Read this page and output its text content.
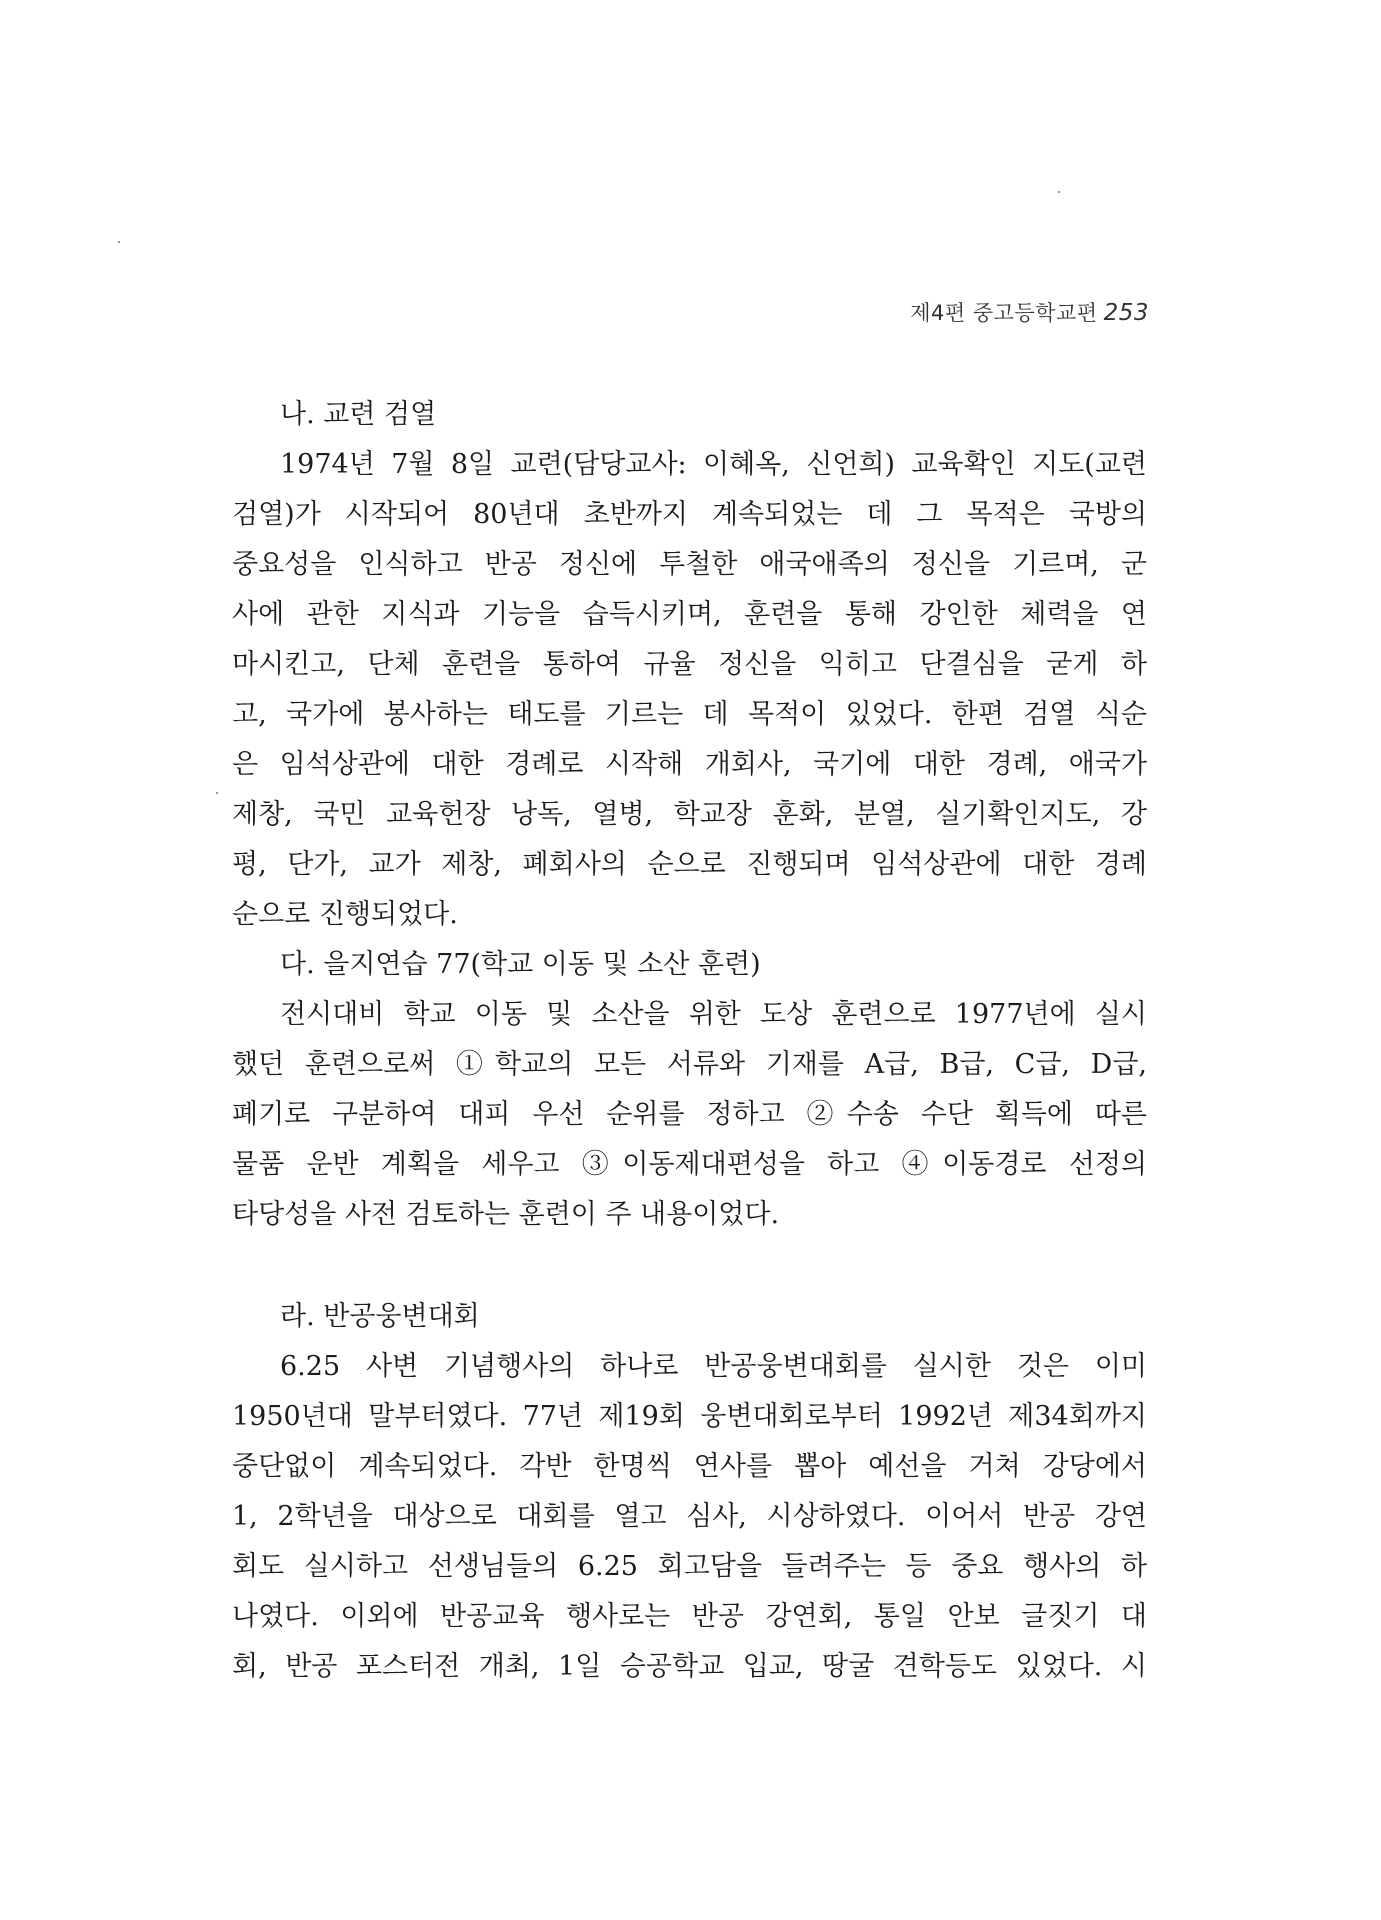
제4편 중고등학교편 253

나. 교련 검열

1974년 7월 8일 교련(담당교사: 이혜옥, 신언희) 교육확인 지도(교련
검열)가 시작되어 80년대 초반까지 계속되었는 데 그 목적은 국방의
중요성을 인식하고 반공 정신에 투철한 애국애족의 정신을 기르며, 군
사에 관한 지식과 기능을 습득시키며, 훈련을 통해 강인한 체력을 연
마시킨고, 단체 훈련을 통하여 규율 정신을 익히고 단결심을 굳게 하
고, 국가에 봉사하는 태도를 기르는 데 목적이 있었다. 한편 검열 식순
은 임석상관에 대한 경례로 시작해 개회사, 국기에 대한 경례, 애국가
제창, 국민 교육헌장 낭독, 열병, 학교장 훈화, 분열, 실기확인지도, 강
평, 단가, 교가 제창, 폐회사의 순으로 진행되며 임석상관에 대한 경례
순으로 진행되었다.

다. 을지연습 77(학교 이동 및 소산 훈련)

전시대비 학교 이동 및 소산을 위한 도상 훈련으로 1977년에 실시
했던 훈련으로써 ①학교의 모든 서류와 기재를 A급, B급, C급, D급,
폐기로 구분하여 대피 우선 순위를 정하고 ②수송 수단 획득에 따른
물품 운반 계획을 세우고 ③이동제대편성을 하고 ④이동경로 선정의
타당성을 사전 검토하는 훈련이 주 내용이었다.

라. 반공웅변대회

6.25 사변 기념행사의 하나로 반공웅변대회를 실시한 것은 이미
1950년대 말부터였다. 77년 제19회 웅변대회로부터 1992년 제34회까지
중단없이 계속되었다. 각반 한명씩 연사를 뽑아 예선을 거쳐 강당에서
1, 2학년을 대상으로 대회를 열고 심사, 시상하였다. 이어서 반공 강연
회도 실시하고 선생님들의 6.25 회고담을 들려주는 등 중요 행사의 하
나였다. 이외에 반공교육 행사로는 반공 강연회, 통일 안보 글짓기 대
회, 반공 포스터전 개최, 1일 승공학교 입교, 땅굴 견학등도 있었다. 시
